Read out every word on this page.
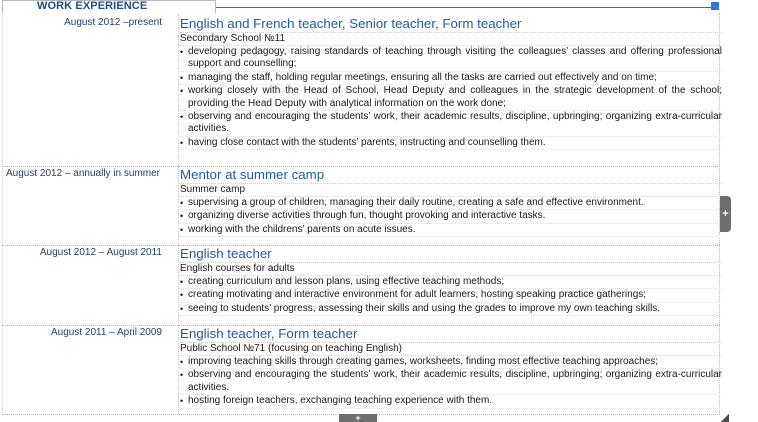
WORK EXPERIENCE
August 2012 –present English and French teacher, Senior teacher, Form teacher
Secondary School №11
• developing pedagogy, raising standards of teaching through visiting the colleagues’ classes and offering professional support and counselling;
• managing the staff, holding regular meetings, ensuring all the tasks are carried out effectively and on time;
• working closely with the Head of School, Head Deputy and colleagues in the strategic development of the school; providing the Head Deputy with analytical information on the work done;
• observing and encouraging the students’ work, their academic results, discipline, upbringing; organizing extra-curricular activities.
• having close contact with the students’ parents, instructing and counselling them.
August 2012 – annually in summer Mentor at summer camp
Summer camp
• supervising a group of children, managing their daily routine, creating a safe and effective environment.
• organizing diverse activities through fun, thought provoking and interactive tasks.
• working with the childrens’ parents on acute issues.
August 2012 – August 2011 English teacher
English courses for adults
• creating curriculum and lesson plans, using effective teaching methods;
• creating motivating and interactive environment for adult learners, hosting speaking practice gatherings;
• seeing to students’ progress, assessing their skills and using the grades to improve my own teaching skills.
August 2011 – April 2009 English teacher, Form teacher
Public School №71 (focusing on teaching English)
• improving teaching skills through creating games, worksheets, finding most effective teaching approaches;
• observing and encouraging the students’ work, their academic results, discipline, upbringing; organizing extra-curricular activities.
• hosting foreign teachers, exchanging teaching experience with them.
+
+
